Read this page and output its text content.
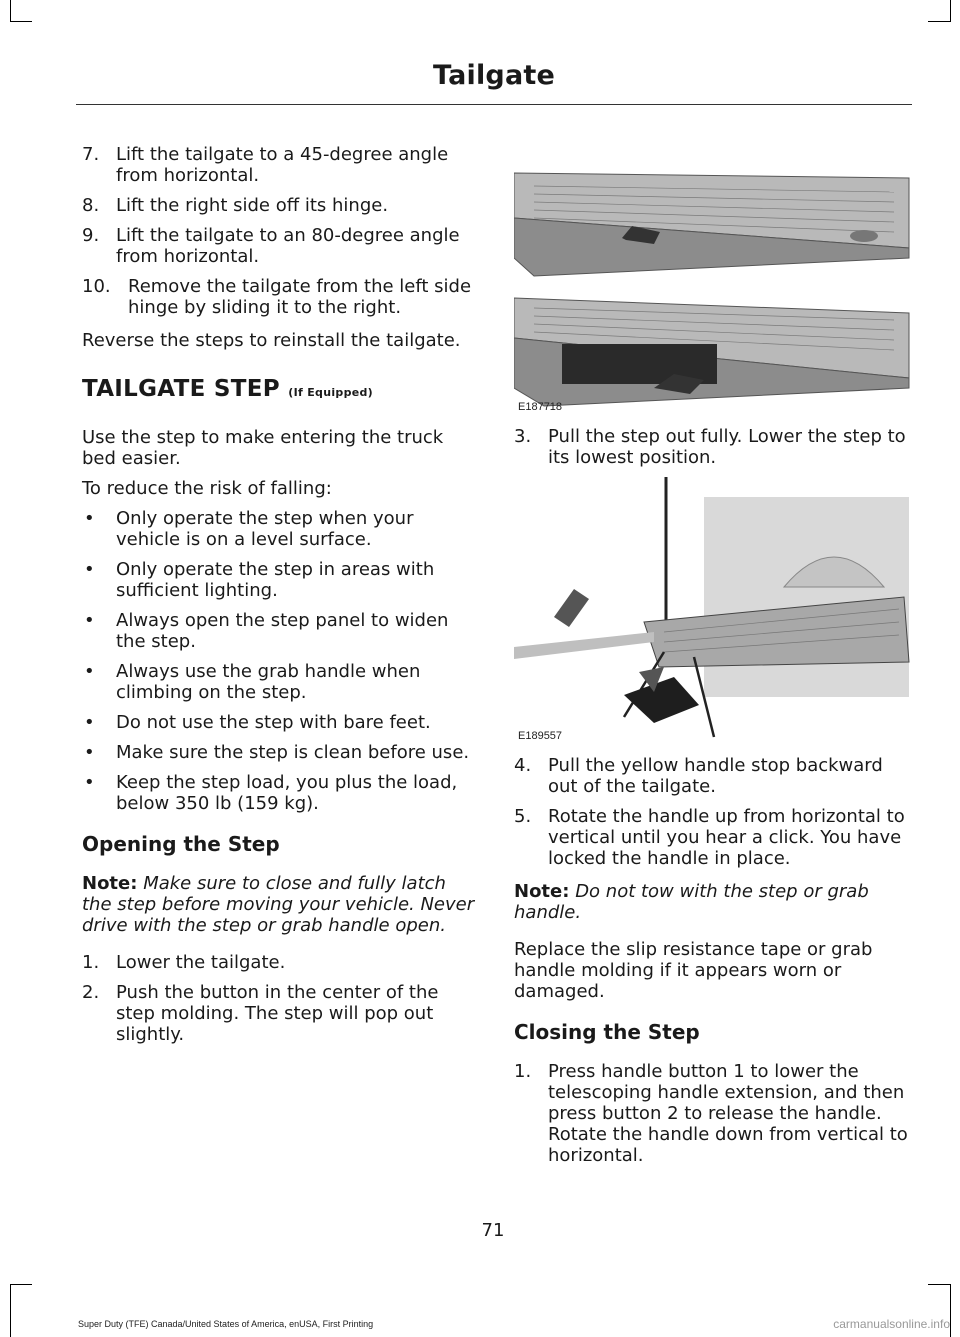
Tailgate
7. Lift the tailgate to a 45-degree angle from horizontal.
8. Lift the right side off its hinge.
9. Lift the tailgate to an 80-degree angle from horizontal.
10. Remove the tailgate from the left side hinge by sliding it to the right.

Reverse the steps to reinstall the tailgate.

TAILGATE STEP (If Equipped)

Use the step to make entering the truck bed easier.

To reduce the risk of falling:

• Only operate the step when your vehicle is on a level surface.
• Only operate the step in areas with sufficient lighting.
• Always open the step panel to widen the step.
• Always use the grab handle when climbing on the step.
• Do not use the step with bare feet.
• Make sure the step is clean before use.
• Keep the step load, you plus the load, below 350 lb (159 kg).
Opening the Step

Note: Make sure to close and fully latch the step before moving your vehicle. Never drive with the step or grab handle open.

1. Lower the tailgate.
2. Push the button in the center of the step molding. The step will pop out slightly.
E187718
3. Pull the step out fully. Lower the step to its lowest position.
E189557
4. Pull the yellow handle stop backward out of the tailgate.
5. Rotate the handle up from horizontal to vertical until you hear a click. You have locked the handle in place.

Note: Do not tow with the step or grab handle.

Replace the slip resistance tape or grab handle molding if it appears worn or damaged.

Closing the Step
1. Press handle button 1 to lower the telescoping handle extension, and then press button 2 to release the handle. Rotate the handle down from vertical to horizontal.
71
Super Duty (TFE) Canada/United States of America, enUSA, First Printing	carmanualsonline.info
